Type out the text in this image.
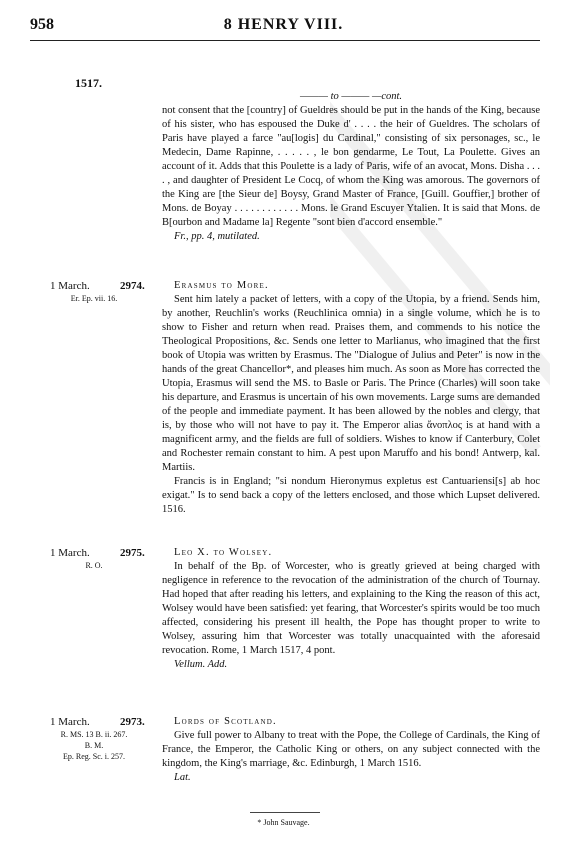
958	8 HENRY VIII.
1517.

——— to ——— —cont.

not consent that the [country] of Gueldres should be put in the hands of the King, because of his sister, who has espoused the Duke d' . . . . the heir of Gueldres. The scholars of Paris have played a farce "au[logis] du Cardinal," consisting of six personages, sc., le Medecin, Dame Rapinne, . . . . . , le bon gendarme, Le Tout, La Poulette. Gives an account of it. Adds that this Poulette is a lady of Paris, wife of an avocat, Mons. Disha . . . . , and daughter of President Le Cocq, of whom the King was amorous. The governors of the King are [the Sieur de] Boysy, Grand Master of France, [Guill. Gouffier,] brother of Mons. de Boyay . . . . . . . . . . . . Mons. le Grand Escuyer Ytalien. It is said that Mons. de B[ourbon and Madame la] Regente "sont bien d'accord ensemble."

Fr., pp. 4, mutilated.

1 March.	2974.
Er. Ep. vii. 16.

Erasmus to More.

Sent him lately a packet of letters, with a copy of the Utopia, by a friend. Sends him, by another, Reuchlin's works (Reuchlinica omnia) in a single volume, which he is to show to Fisher and return when read. Praises them, and commends to his notice the Theological Propositions, &c. Sends one letter to Marlianus, who imagined that the first book of Utopia was written by Erasmus. The "Dialogue of Julius and Peter" is now in the hands of the great Chancellor*, and pleases him much. As soon as More has corrected the Utopia, Erasmus will send the MS. to Basle or Paris. The Prince (Charles) will soon take his departure, and Erasmus is uncertain of his own movements. Large sums are demanded of the people and immediate payment. It has been allowed by the nobles and clergy, that is, by those who will not have to pay it. The Emperor alias ἄνοπλος is at hand with a magnificent army, and the fields are full of soldiers. Wishes to know if Canterbury, Colet and Rochester remain constant to him. A pest upon Maruffo and his bond! Antwerp, kal. Martiis.

Francis is in England; "si nondum Hieronymus expletus est Cantuariensi[s] ab hoc exigat." Is to send back a copy of the letters enclosed, and those which Lupset delivered. 1516.

1 March.	2975.
R. O.

Leo X. to Wolsey.

In behalf of the Bp. of Worcester, who is greatly grieved at being charged with negligence in reference to the revocation of the administration of the church of Tournay. Had hoped that after reading his letters, and explaining to the King the reason of this act, Wolsey would have been satisfied: yet fearing, that Worcester's spirits would be too much affected, considering his present ill health, the Pope has thought proper to write to Wolsey, assuring him that Worcester was totally unacquainted with the aforesaid revocation. Rome, 1 March 1517, 4 pont.

Vellum. Add.

1 March.	2973.
R. MS. 13 B. ii. 267.
B. M.
Ep. Reg. Sc. i. 257.

Lords of Scotland.

Give full power to Albany to treat with the Pope, the College of Cardinals, the King of France, the Emperor, the Catholic King or others, on any subject connected with the kingdom, the King's marriage, &c. Edinburgh, 1 March 1516.

Lat.

* John Sauvage.
